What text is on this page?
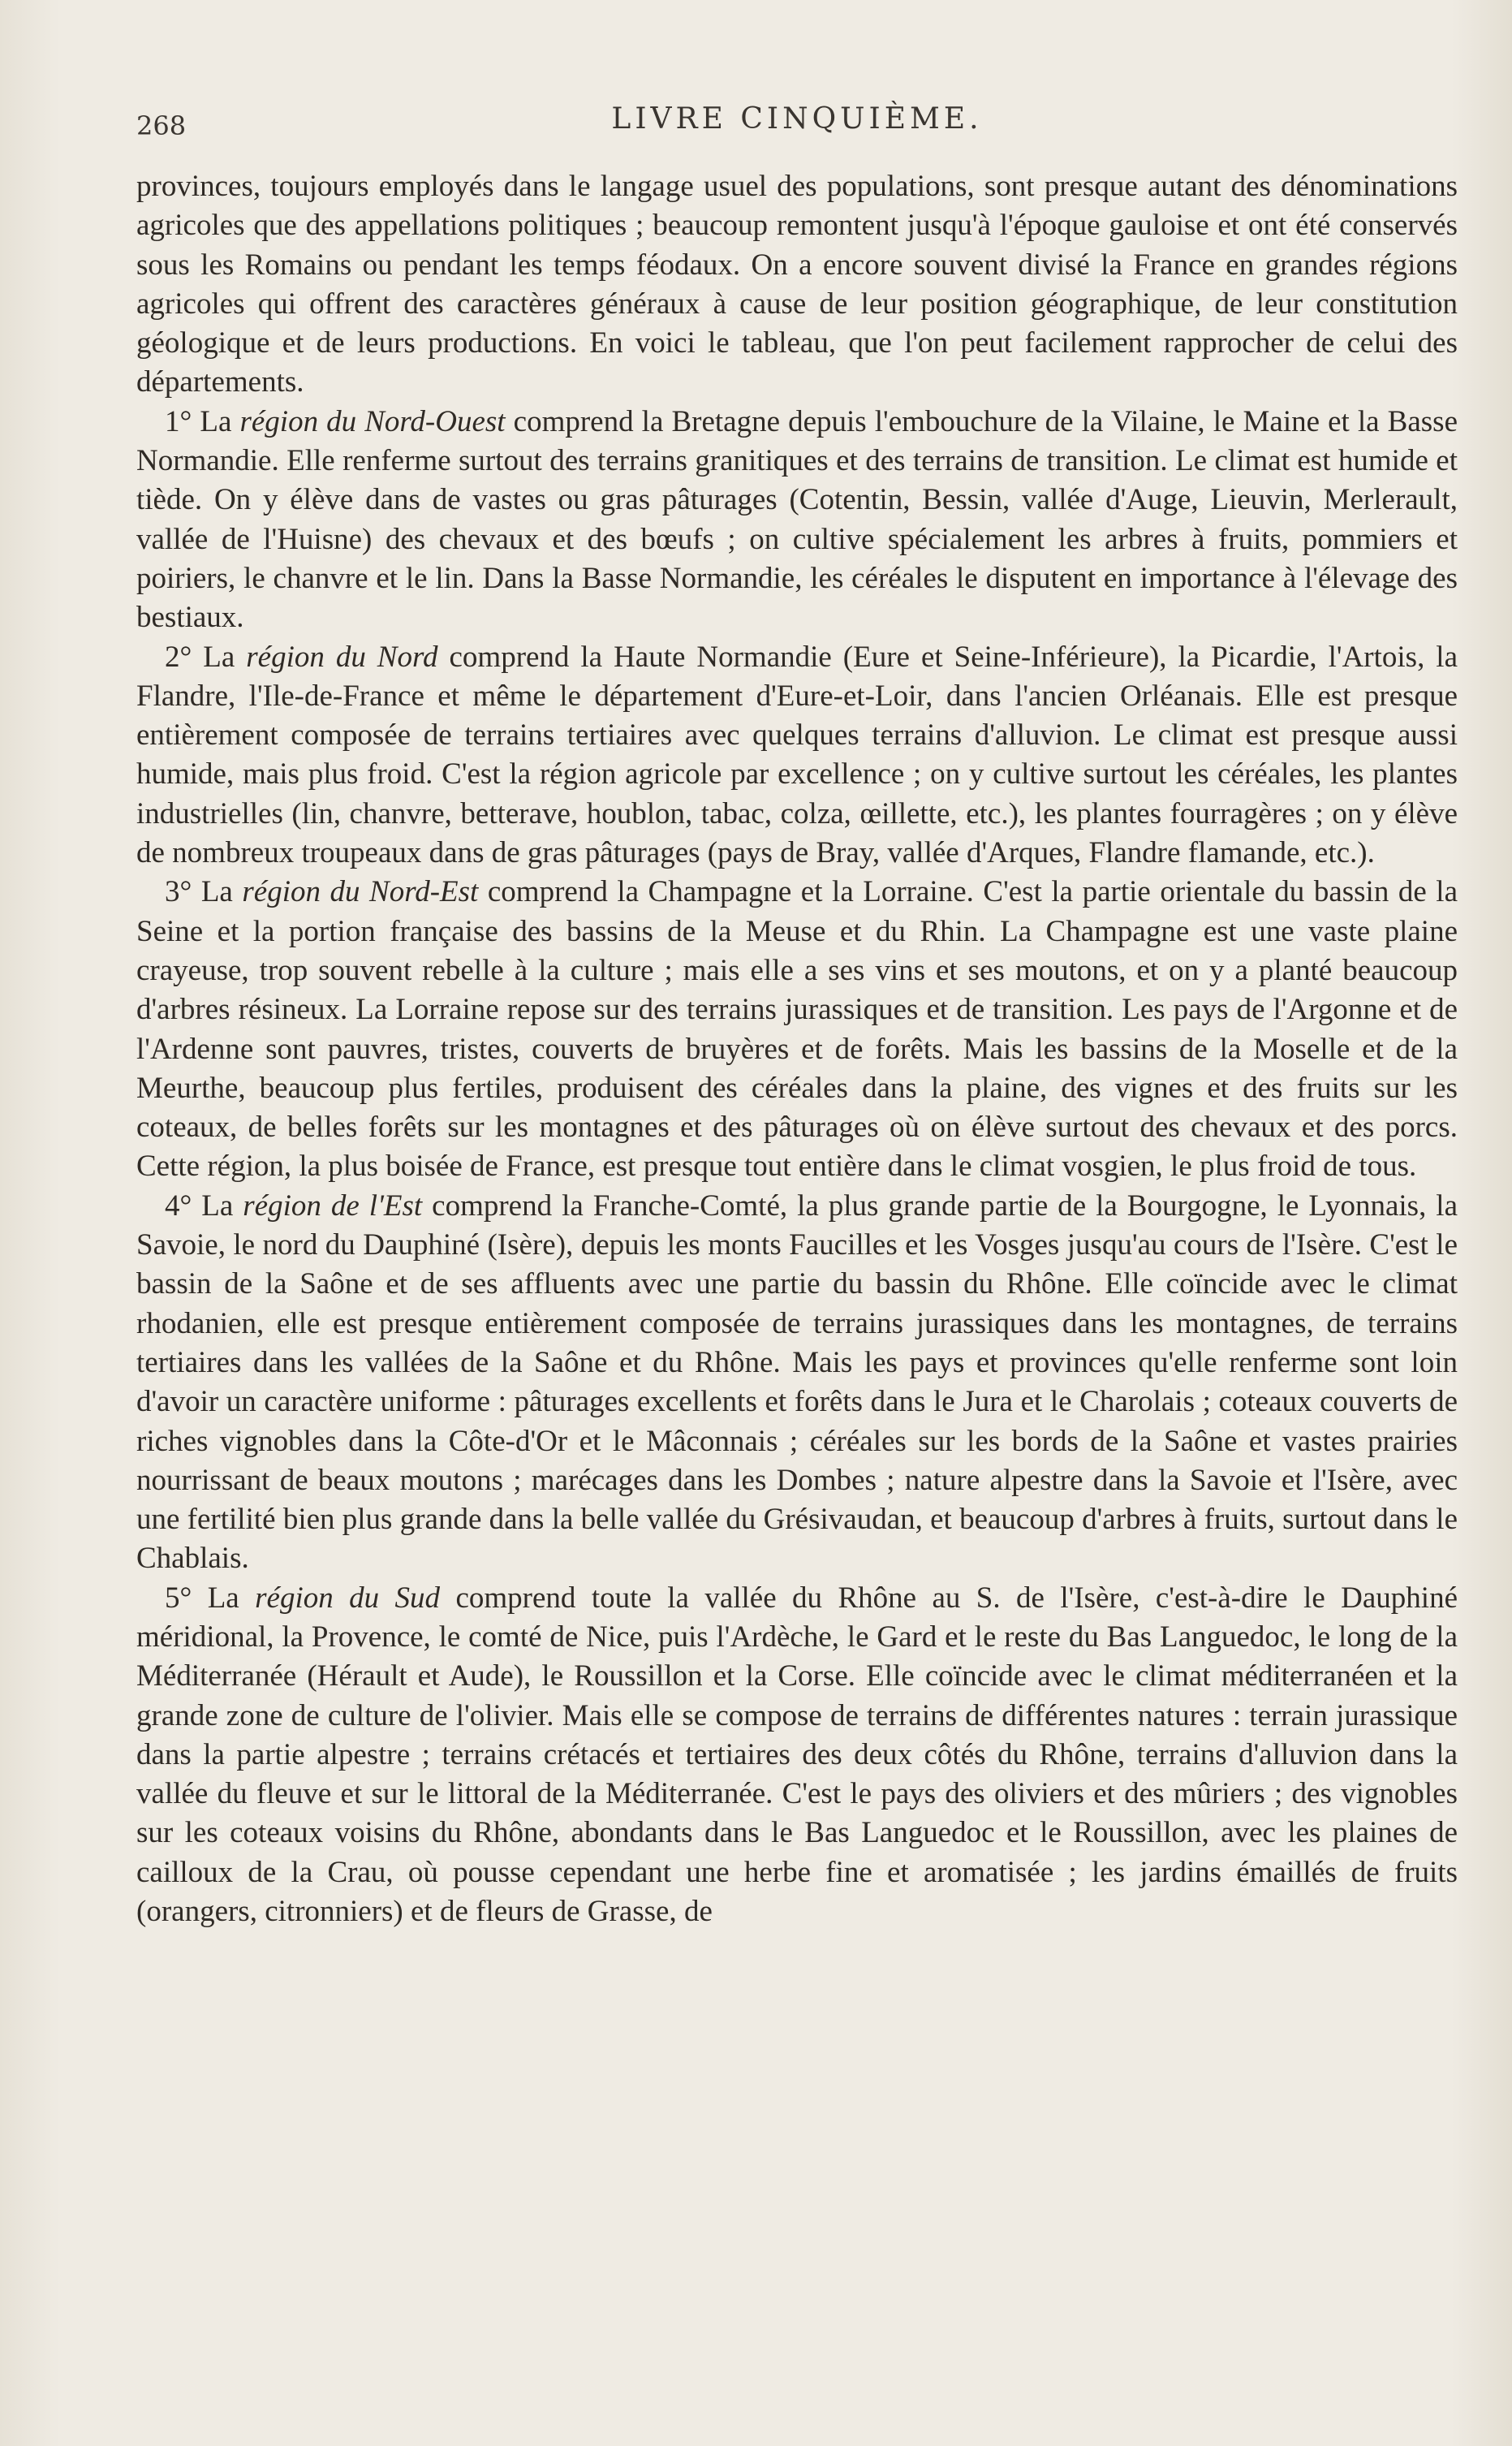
268	LIVRE CINQUIÈME.

provinces, toujours employés dans le langage usuel des populations, sont presque autant des dénominations agricoles que des appellations politiques ; beaucoup remontent jusqu'à l'époque gauloise et ont été conservés sous les Romains ou pendant les temps féodaux. On a encore souvent divisé la France en grandes régions agricoles qui offrent des caractères généraux à cause de leur position géographique, de leur constitution géologique et de leurs productions. En voici le tableau, que l'on peut facilement rapprocher de celui des départements.

1° La région du Nord-Ouest comprend la Bretagne depuis l'embouchure de la Vilaine, le Maine et la Basse Normandie. Elle renferme surtout des terrains granitiques et des terrains de transition. Le climat est humide et tiède. On y élève dans de vastes ou gras pâturages (Cotentin, Bessin, vallée d'Auge, Lieuvin, Merlerault, vallée de l'Huisne) des chevaux et des bœufs ; on cultive spécialement les arbres à fruits, pommiers et poiriers, le chanvre et le lin. Dans la Basse Normandie, les céréales le disputent en importance à l'élevage des bestiaux.

2° La région du Nord comprend la Haute Normandie (Eure et Seine-Inférieure), la Picardie, l'Artois, la Flandre, l'Ile-de-France et même le département d'Eure-et-Loir, dans l'ancien Orléanais. Elle est presque entièrement composée de terrains tertiaires avec quelques terrains d'alluvion. Le climat est presque aussi humide, mais plus froid. C'est la région agricole par excellence ; on y cultive surtout les céréales, les plantes industrielles (lin, chanvre, betterave, houblon, tabac, colza, œillette, etc.), les plantes fourragères ; on y élève de nombreux troupeaux dans de gras pâturages (pays de Bray, vallée d'Arques, Flandre flamande, etc.).

3° La région du Nord-Est comprend la Champagne et la Lorraine. C'est la partie orientale du bassin de la Seine et la portion française des bassins de la Meuse et du Rhin. La Champagne est une vaste plaine crayeuse, trop souvent rebelle à la culture ; mais elle a ses vins et ses moutons, et on y a planté beaucoup d'arbres résineux. La Lorraine repose sur des terrains jurassiques et de transition. Les pays de l'Argonne et de l'Ardenne sont pauvres, tristes, couverts de bruyères et de forêts. Mais les bassins de la Moselle et de la Meurthe, beaucoup plus fertiles, produisent des céréales dans la plaine, des vignes et des fruits sur les coteaux, de belles forêts sur les montagnes et des pâturages où on élève surtout des chevaux et des porcs. Cette région, la plus boisée de France, est presque tout entière dans le climat vosgien, le plus froid de tous.

4° La région de l'Est comprend la Franche-Comté, la plus grande partie de la Bourgogne, le Lyonnais, la Savoie, le nord du Dauphiné (Isère), depuis les monts Faucilles et les Vosges jusqu'au cours de l'Isère. C'est le bassin de la Saône et de ses affluents avec une partie du bassin du Rhône. Elle coïncide avec le climat rhodanien, elle est presque entièrement composée de terrains jurassiques dans les montagnes, de terrains tertiaires dans les vallées de la Saône et du Rhône. Mais les pays et provinces qu'elle renferme sont loin d'avoir un caractère uniforme : pâturages excellents et forêts dans le Jura et le Charolais ; coteaux couverts de riches vignobles dans la Côte-d'Or et le Mâconnais ; céréales sur les bords de la Saône et vastes prairies nourrissant de beaux moutons ; marécages dans les Dombes ; nature alpestre dans la Savoie et l'Isère, avec une fertilité bien plus grande dans la belle vallée du Grésivaudan, et beaucoup d'arbres à fruits, surtout dans le Chablais.

5° La région du Sud comprend toute la vallée du Rhône au S. de l'Isère, c'est-à-dire le Dauphiné méridional, la Provence, le comté de Nice, puis l'Ardèche, le Gard et le reste du Bas Languedoc, le long de la Méditerranée (Hérault et Aude), le Roussillon et la Corse. Elle coïncide avec le climat méditerranéen et la grande zone de culture de l'olivier. Mais elle se compose de terrains de différentes natures : terrain jurassique dans la partie alpestre ; terrains crétacés et tertiaires des deux côtés du Rhône, terrains d'alluvion dans la vallée du fleuve et sur le littoral de la Méditerranée. C'est le pays des oliviers et des mûriers ; des vignobles sur les coteaux voisins du Rhône, abondants dans le Bas Languedoc et le Roussillon, avec les plaines de cailloux de la Crau, où pousse cependant une herbe fine et aromatisée ; les jardins émaillés de fruits (orangers, citronniers) et de fleurs de Grasse, de
